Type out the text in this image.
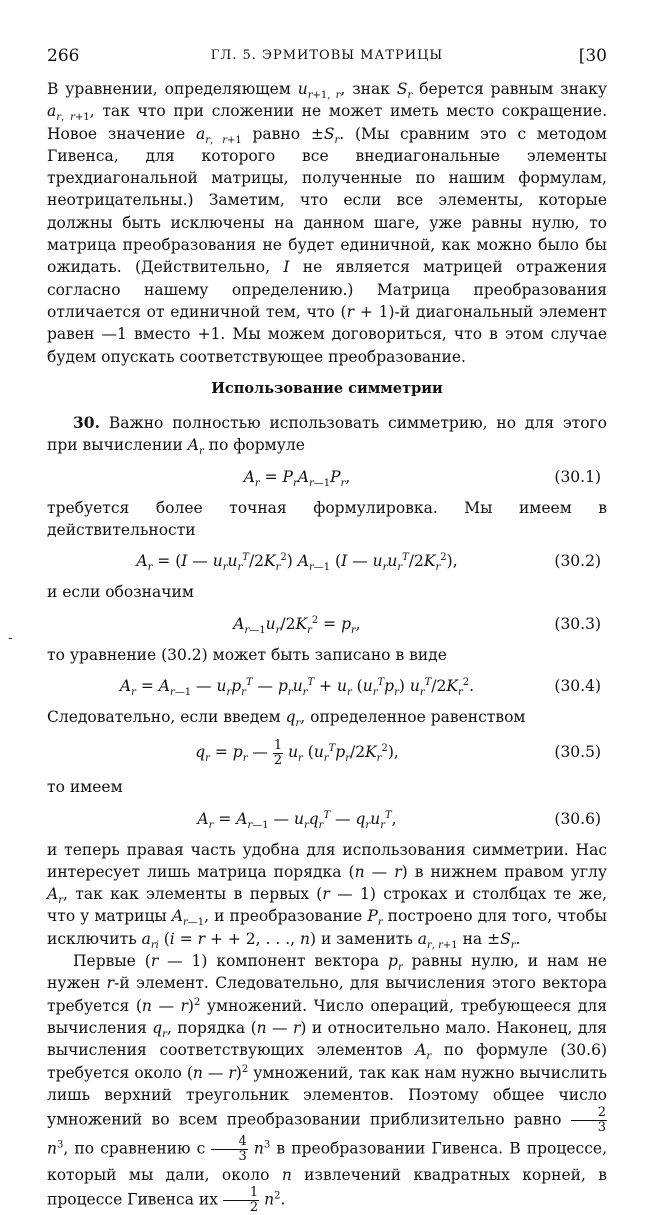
266	ГЛ. 5. ЭРМИТОВЫ МАТРИЦЫ	[30
-

В уравнении, определяющем $u_{r+1, r}$, знак $S_r$ берется равным знаку $a_{r, r+1}$, так что при сложении не может иметь место сокращение. Новое значение $a_{r, r+1}$ равно $\pm S_r$. (Мы сравним это с методом Гивенса, для которого все внедиагональные элементы трехдиагональной матрицы, полученные по нашим формулам, неотрицательны.) Заметим, что если все элементы, которые должны быть исключены на данном шаге, уже равны нулю, то матрица преобразования не будет единичной, как можно было бы ожидать. (Действительно, I не является матрицей отражения согласно нашему определению.) Матрица преобразования отличается от единичной тем, что (r + 1)-й диагональный элемент равен —1 вместо +1. Мы можем договориться, что в этом случае будем опускать соответствующее преобразование.

Использование симметрии

30. Важно полностью использовать симметрию, но для этого при вычислении $A_r$ по формуле

$A_r = P_rA_{r—1}P_r$,	(30.1)

требуется более точная формулировка. Мы имеем в действительности

$A_r = (I$ — $u_ru_r^T/2K_r^2$) $A_{r—1}$ (I — $u_ru_r^T/2K_r^2$),	(30.2)

и если обозначим

$A_{r—1}u_r/2K_r^2 = p_r$,	(30.3)

то уравнение (30.2) может быть записано в виде

$A_r = A_{r—1}$ — $u_rp_r^T$ — $p_ru_r^T + u_r$ $(u_r^Tp_r)$ $u_r^T/2K_r^2$.	(30.4)

Следовательно, если введем $q_r$, определенное равенством

$q_r = p_r$ — $\frac{1}{2} u_r$ $(u_r^Tp_r/2K_r^2)$,	(30.5)

то имеем

$A_r = A_{r—1}$ — $u_rq_r^T$ — $q_ru_r^T$,	(30.6)

и теперь правая часть удобна для использования симметрии. Нас интересует лишь матрица порядка (n — r) в нижнем правом углу $A_r$, так как элементы в первых (r — 1) строках и столбцах те же, что у матрицы $A_{r—1}$, и преобразование $P_r$ построено для того, чтобы исключить $a_{ri}$ (i = r + + 2, . . ., n) и заменить $a_{r, r+1}$ на $\pm S_r$.

Первые (r — 1) компонент вектора $p_r$ равны нулю, и нам не нужен r-й элемент. Следовательно, для вычисления этого вектора требуется (n — r)$^2$ умножений. Число операций, требующееся для вычисления $q_r$, порядка (n — r) и относительно мало. Наконец, для вычисления соответствующих элементов $A_r$ по формуле (30.6) требуется около (n — r)$^2$ умножений, так как нам нужно вычислить лишь верхний треугольник элементов. Поэтому общее число умножений во всем преобразовании приблизительно равно $\frac{2}{3}$
$n^3$, по сравнению с $\frac{4}{3} n^3$ в преобразовании Гивенса. В процессе, который мы дали, около n извлечений квадратных корней, в процессе Гивенса их $\frac{1}{2} n^2$.
